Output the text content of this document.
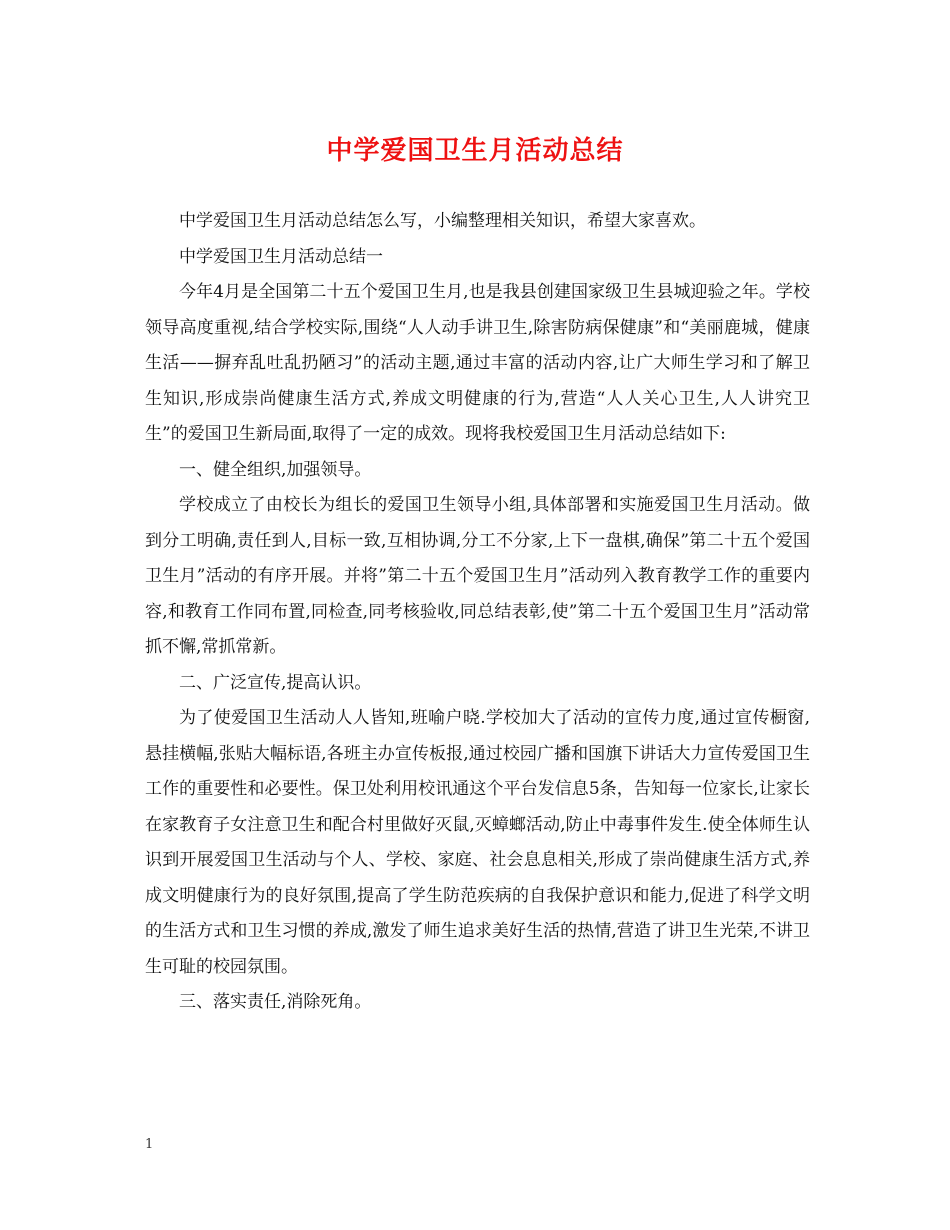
中学爱国卫生月活动总结

中学爱国卫生月活动总结怎么写，小编整理相关知识，希望大家喜欢。

中学爱国卫生月活动总结一

今年4月是全国第二十五个爱国卫生月,也是我县创建国家级卫生县城迎验之年。学校领导高度重视,结合学校实际,围绕“人人动手讲卫生,除害防病保健康”和“美丽鹿城，健康生活——摒弃乱吐乱扔陋习”的活动主题,通过丰富的活动内容,让广大师生学习和了解卫生知识,形成崇尚健康生活方式,养成文明健康的行为,营造“人人关心卫生,人人讲究卫生”的爱国卫生新局面,取得了一定的成效。现将我校爱国卫生月活动总结如下:

一、健全组织,加强领导。

学校成立了由校长为组长的爱国卫生领导小组,具体部署和实施爱国卫生月活动。做到分工明确,责任到人,目标一致,互相协调,分工不分家,上下一盘棋,确保”第二十五个爱国卫生月”活动的有序开展。并将”第二十五个爱国卫生月”活动列入教育教学工作的重要内容,和教育工作同布置,同检查,同考核验收,同总结表彰,使”第二十五个爱国卫生月”活动常抓不懈,常抓常新。

二、广泛宣传,提高认识。

为了使爱国卫生活动人人皆知,班喻户晓.学校加大了活动的宣传力度,通过宣传橱窗,悬挂横幅,张贴大幅标语,各班主办宣传板报,通过校园广播和国旗下讲话大力宣传爱国卫生工作的重要性和必要性。保卫处利用校讯通这个平台发信息5条，告知每一位家长,让家长在家教育子女注意卫生和配合村里做好灭鼠,灭蟑螂活动,防止中毒事件发生.使全体师生认识到开展爱国卫生活动与个人、学校、家庭、社会息息相关,形成了崇尚健康生活方式,养成文明健康行为的良好氛围,提高了学生防范疾病的自我保护意识和能力,促进了科学文明的生活方式和卫生习惯的养成,激发了师生追求美好生活的热情,营造了讲卫生光荣,不讲卫生可耻的校园氛围。

三、落实责任,消除死角。

1
